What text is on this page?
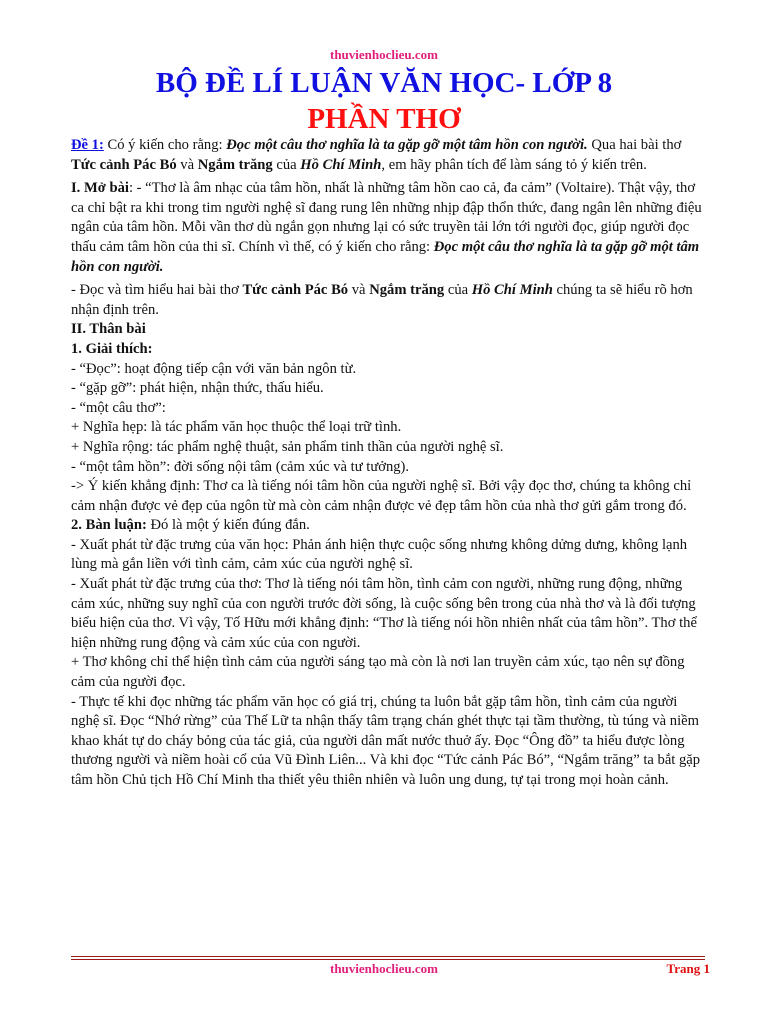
thuvienhoclieu.com
BỘ ĐỀ LÍ LUẬN VĂN HỌC- LỚP 8
PHẦN THƠ

Đề 1: Có ý kiến cho rằng: Đọc một câu thơ nghĩa là ta gặp gỡ một tâm hồn con người. Qua hai bài thơ Tức cảnh Pác Bó và Ngắm trăng của Hồ Chí Minh, em hãy phân tích để làm sáng tỏ ý kiến trên.

I. Mở bài: - “Thơ là âm nhạc của tâm hồn, nhất là những tâm hồn cao cả, đa cảm” (Voltaire). Thật vậy, thơ ca chỉ bật ra khi trong tim người nghệ sĩ đang rung lên những nhịp đập thổn thức, đang ngân lên những điệu ngân của tâm hồn. Mỗi vần thơ dù ngắn gọn nhưng lại có sức truyền tải lớn tới người đọc, giúp người đọc thấu cảm tâm hồn của thi sĩ. Chính vì thế, có ý kiến cho rằng: Đọc một câu thơ nghĩa là ta gặp gỡ một tâm hồn con người.

- Đọc và tìm hiểu hai bài thơ Tức cảnh Pác Bó và Ngắm trăng của Hồ Chí Minh chúng ta sẽ hiểu rõ hơn nhận định trên.

II. Thân bài

1. Giải thích:

- “Đọc”: hoạt động tiếp cận với văn bản ngôn từ.

- “gặp gỡ”: phát hiện, nhận thức, thấu hiểu.

- “một câu thơ”:

+ Nghĩa hẹp: là tác phẩm văn học thuộc thể loại trữ tình.

+ Nghĩa rộng: tác phẩm nghệ thuật, sản phẩm tinh thần của người nghệ sĩ.

- “một tâm hồn”: đời sống nội tâm (cảm xúc và tư tưởng).

-> Ý kiến khẳng định: Thơ ca là tiếng nói tâm hồn của người nghệ sĩ. Bởi vậy đọc thơ, chúng ta không chỉ cảm nhận được vẻ đẹp của ngôn từ mà còn cảm nhận được vẻ đẹp tâm hồn của nhà thơ gửi gắm trong đó.

2. Bàn luận: Đó là một ý kiến đúng đắn.

- Xuất phát từ đặc trưng của văn học: Phản ánh hiện thực cuộc sống nhưng không dửng dưng, không lạnh lùng mà gắn liền với tình cảm, cảm xúc của người nghệ sĩ.

- Xuất phát từ đặc trưng của thơ: Thơ là tiếng nói tâm hồn, tình cảm con người, những rung động, những cảm xúc, những suy nghĩ của con người trước đời sống, là cuộc sống bên trong của nhà thơ và là đối tượng biểu hiện của thơ. Vì vậy, Tố Hữu mới khẳng định: “Thơ là tiếng nói hồn nhiên nhất của tâm hồn”. Thơ thể hiện những rung động và cảm xúc của con người.

+ Thơ không chỉ thể hiện tình cảm của người sáng tạo mà còn là nơi lan truyền cảm xúc, tạo nên sự đồng cảm của người đọc.

- Thực tế khi đọc những tác phẩm văn học có giá trị, chúng ta luôn bắt gặp tâm hồn, tình cảm của người nghệ sĩ. Đọc “Nhớ rừng” của Thế Lữ ta nhận thấy tâm trạng chán ghét thực tại tầm thường, tù túng và niềm khao khát tự do cháy bỏng của tác giả, của người dân mất nước thuở ấy. Đọc “Ông đồ” ta hiểu được lòng thương người và niềm hoài cổ của Vũ Đình Liên... Và khi đọc “Tức cảnh Pác Bó”, “Ngắm trăng” ta bắt gặp tâm hồn Chủ tịch Hồ Chí Minh tha thiết yêu thiên nhiên và luôn ung dung, tự tại trong mọi hoàn cảnh.

thuvienhoclieu.com	Trang 1
